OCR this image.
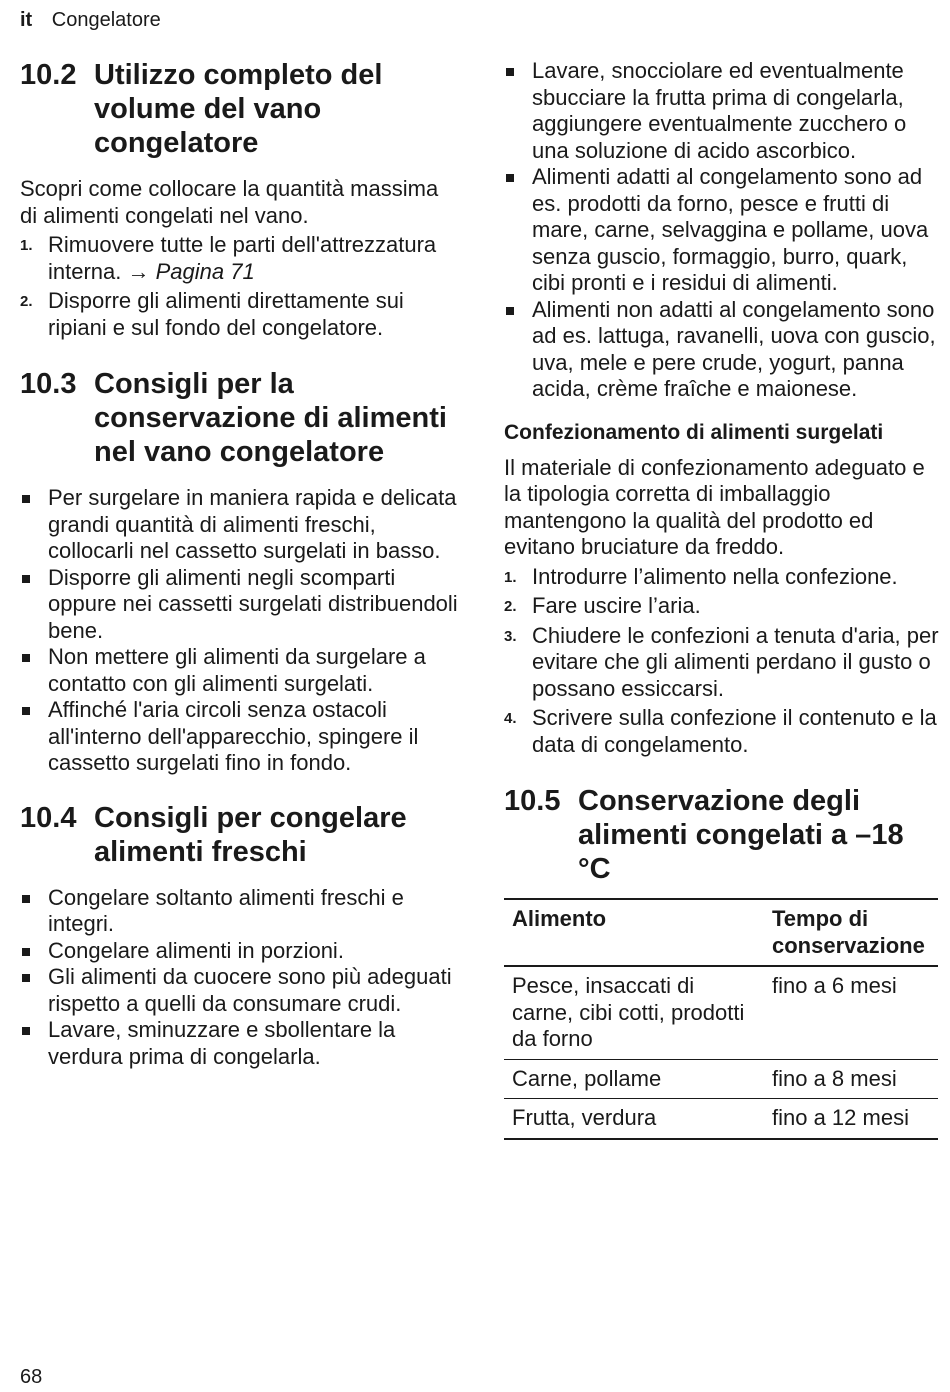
it Congelatore
10.2 Utilizzo completo del volume del vano congelatore

Scopri come collocare la quantità massima di alimenti congelati nel vano.

1. Rimuovere tutte le parti dell'attrezzatura interna. → Pagina 71
2. Disporre gli alimenti direttamente sui ripiani e sul fondo del congelatore.
10.3 Consigli per la conservazione di alimenti nel vano congelatore
Per surgelare in maniera rapida e delicata grandi quantità di alimenti freschi, collocarli nel cassetto surgelati in basso.
Disporre gli alimenti negli scomparti oppure nei cassetti surgelati distribuendoli bene.
Non mettere gli alimenti da surgelare a contatto con gli alimenti surgelati.
Affinché l'aria circoli senza ostacoli all'interno dell'apparecchio, spingere il cassetto surgelati fino in fondo.
10.4 Consigli per congelare alimenti freschi
Congelare soltanto alimenti freschi e integri.
Congelare alimenti in porzioni.
Gli alimenti da cuocere sono più adeguati rispetto a quelli da consumare crudi.
Lavare, sminuzzare e sbollentare la verdura prima di congelarla.
Lavare, snocciolare ed eventualmente sbucciare la frutta prima di congelarla, aggiungere eventualmente zucchero o una soluzione di acido ascorbico.
Alimenti adatti al congelamento sono ad es. prodotti da forno, pesce e frutti di mare, carne, selvaggina e pollame, uova senza guscio, formaggio, burro, quark, cibi pronti e i residui di alimenti.
Alimenti non adatti al congelamento sono ad es. lattuga, ravanelli, uova con guscio, uva, mele e pere crude, yogurt, panna acida, crème fraîche e maionese.
Confezionamento di alimenti surgelati

Il materiale di confezionamento adeguato e la tipologia corretta di imballaggio mantengono la qualità del prodotto ed evitano bruciature da freddo.

1. Introdurre l’alimento nella confezione.
2. Fare uscire l’aria.
3. Chiudere le confezioni a tenuta d'aria, per evitare che gli alimenti perdano il gusto o possano essiccarsi.
4. Scrivere sulla confezione il contenuto e la data di congelamento.
10.5 Conservazione degli alimenti congelati a –18 °C
Alimento	Tempo di conservazione
Pesce, insaccati di carne, cibi cotti, prodotti da forno	fino a 6 mesi
Carne, pollame	fino a 8 mesi
Frutta, verdura	fino a 12 mesi
68
